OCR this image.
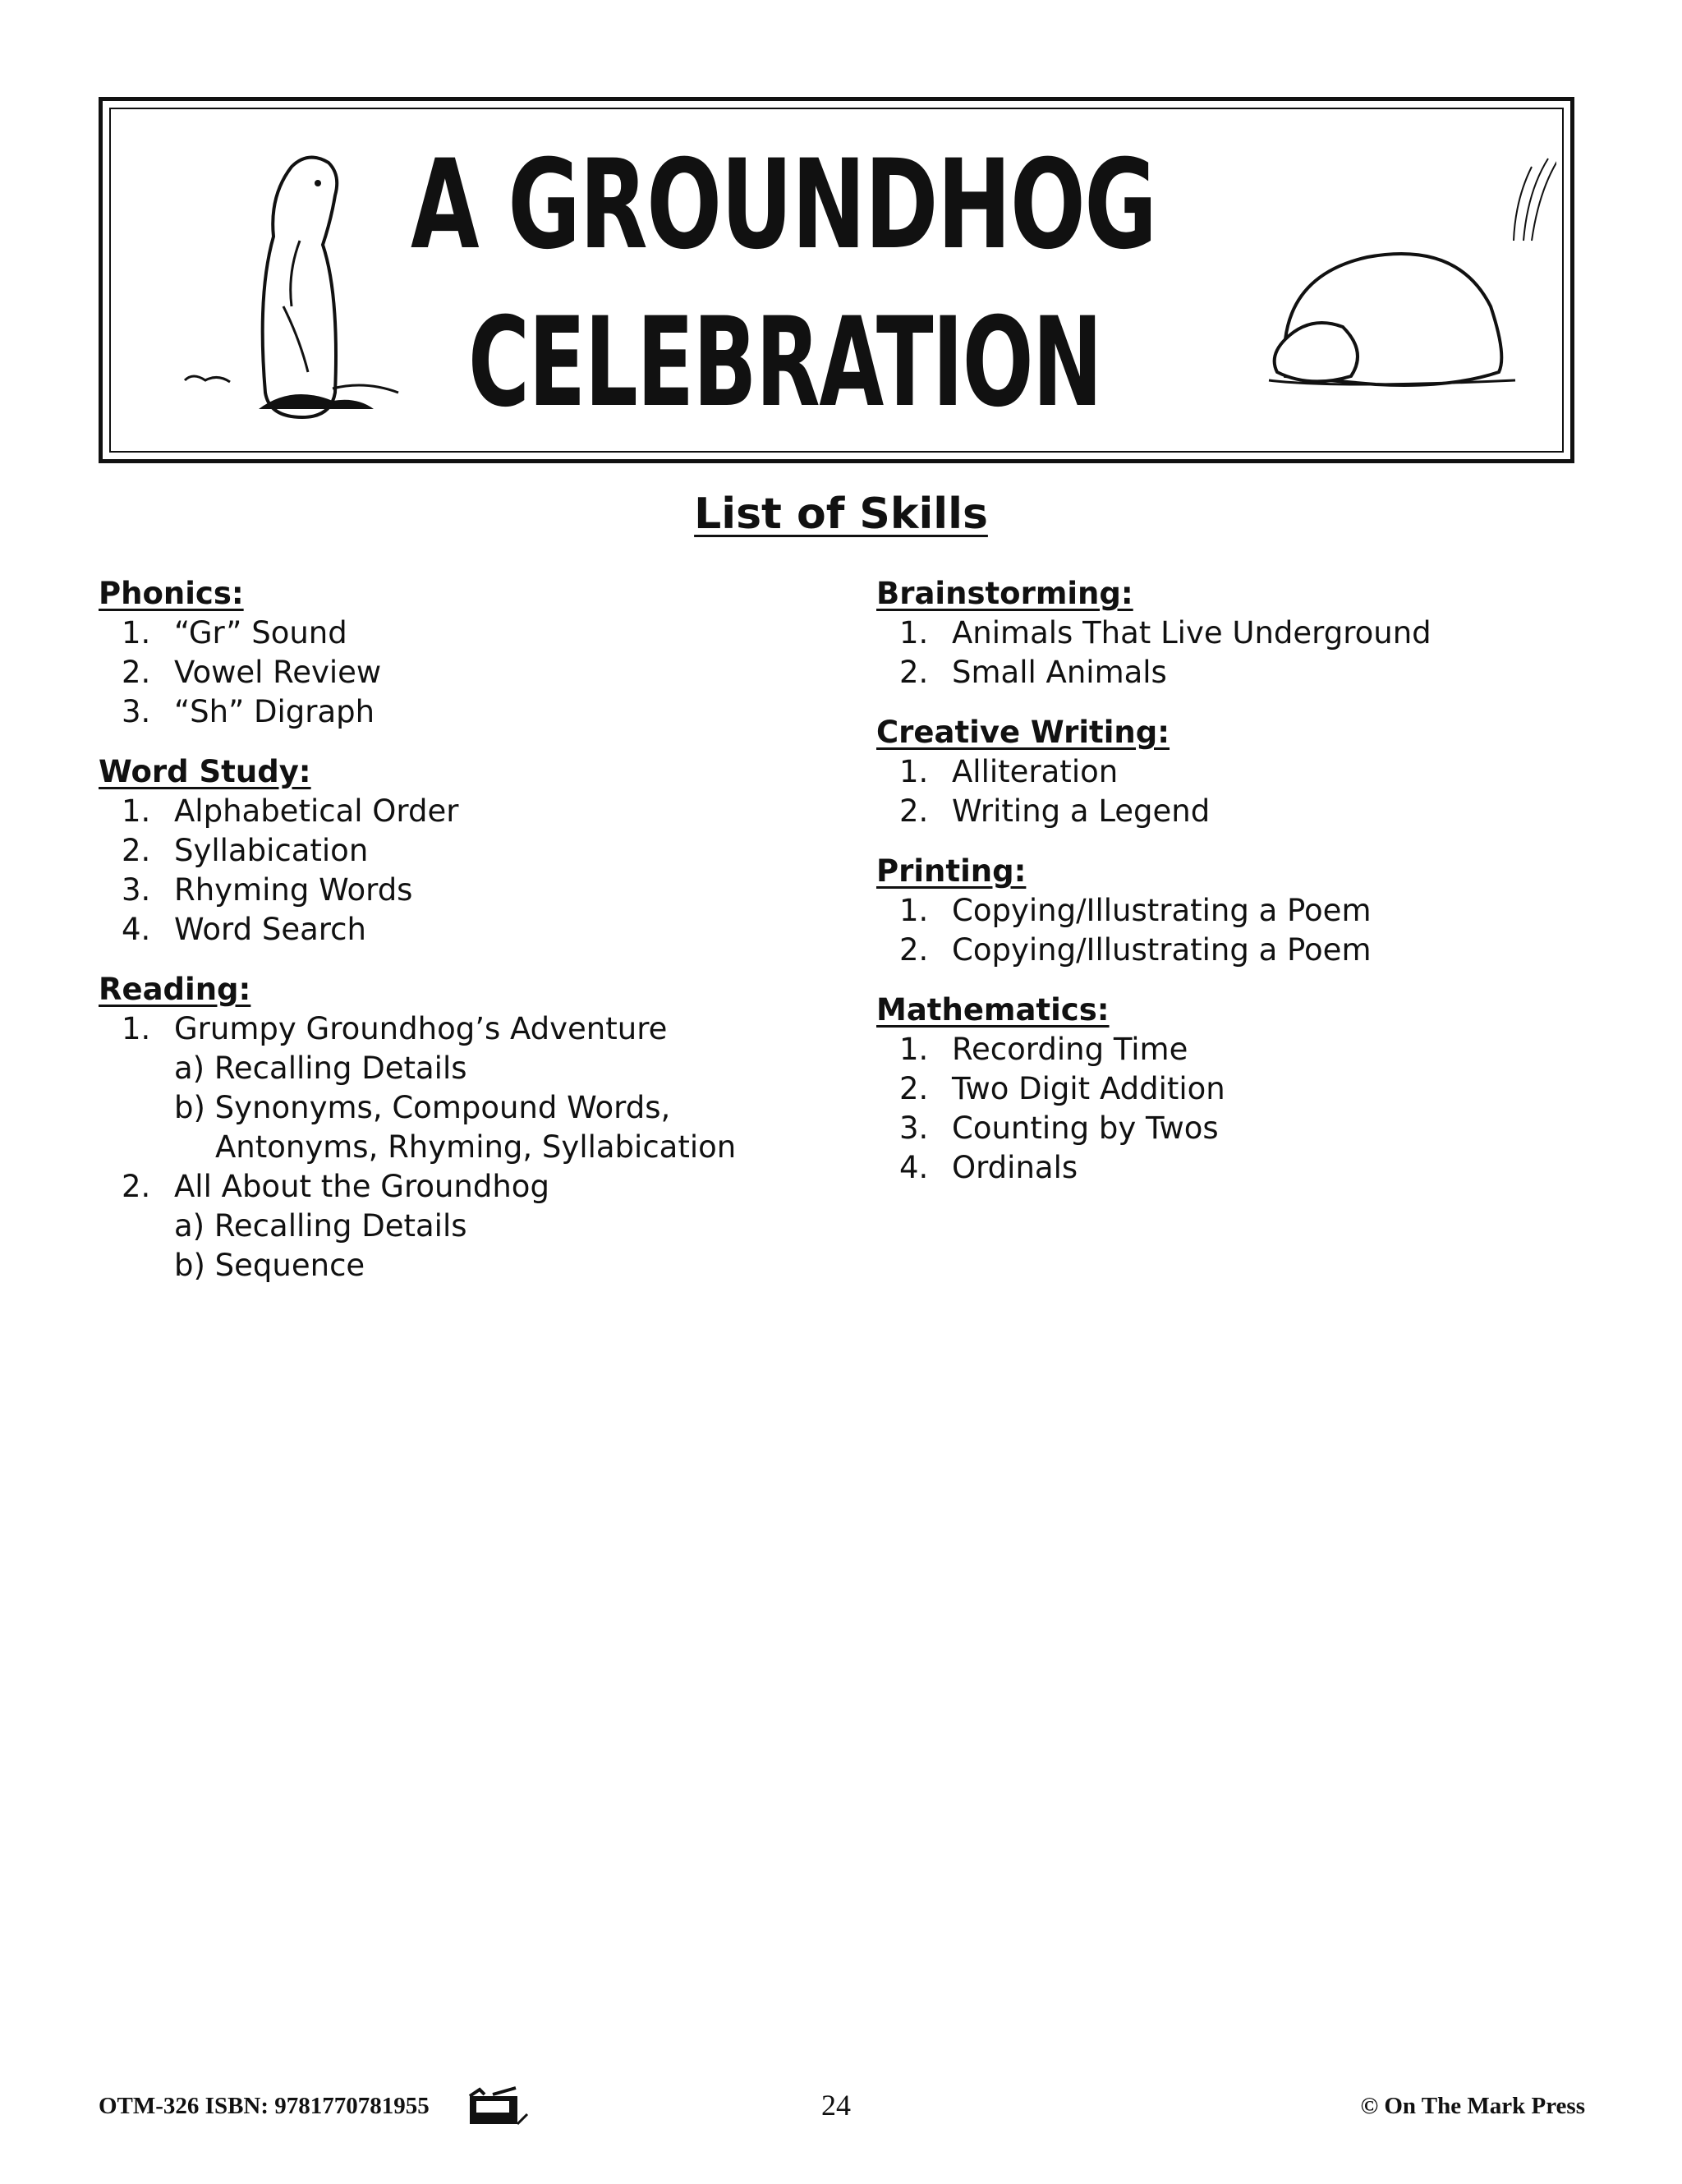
A GROUNDHOG
CELEBRATION
List of Skills
Phonics:
1. “Gr” Sound
2. Vowel Review
3. “Sh” Digraph
Word Study:
1. Alphabetical Order
2. Syllabication
3. Rhyming Words
4. Word Search
Reading:
1. Grumpy Groundhog’s Adventure
a) Recalling Details
b) Synonyms, Compound Words,
Antonyms, Rhyming, Syllabication
2. All About the Groundhog
a) Recalling Details
b) Sequence
Brainstorming:
1. Animals That Live Underground
2. Small Animals
Creative Writing:
1. Alliteration
2. Writing a Legend
Printing:
1. Copying/Illustrating a Poem
2. Copying/Illustrating a Poem
Mathematics:
1. Recording Time
2. Two Digit Addition
3. Counting by Twos
4. Ordinals
OTM-326 ISBN: 9781770781955	24	© On The Mark Press
